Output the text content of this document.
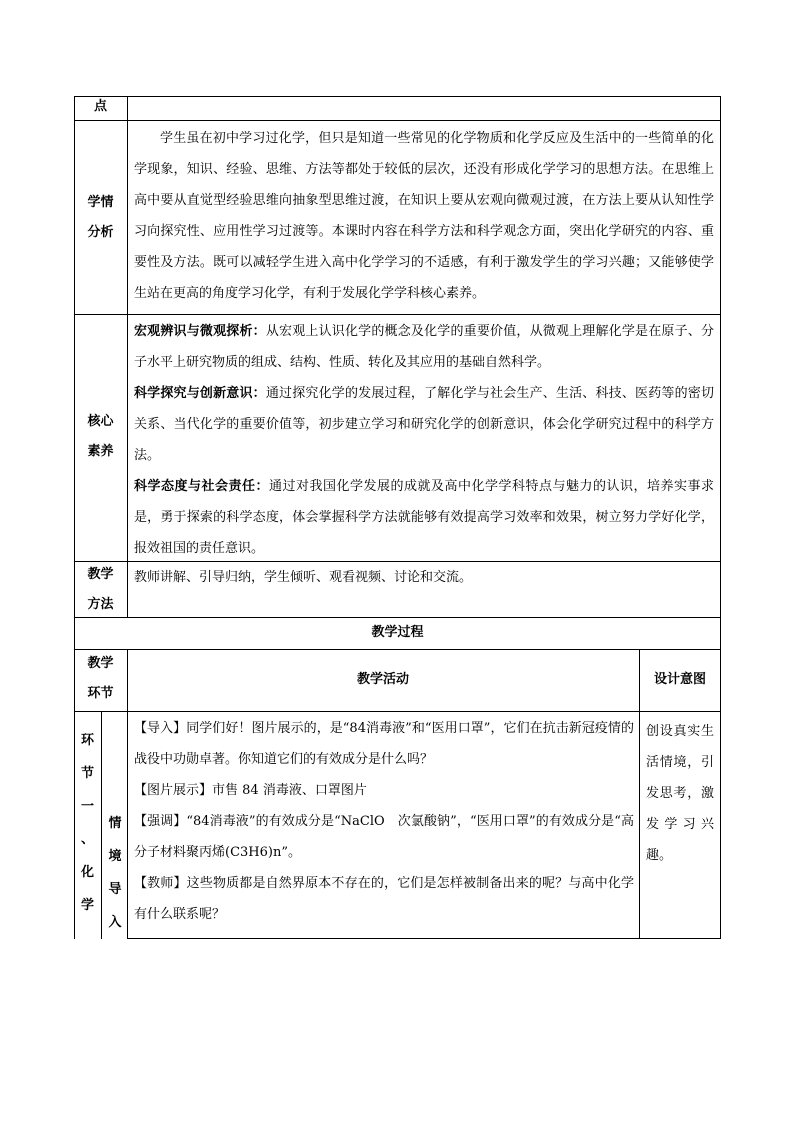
点
学情
分析
学生虽在初中学习过化学，但只是知道一些常见的化学物质和化学反应及生活中的一些简单的化学现象，知识、经验、思维、方法等都处于较低的层次，还没有形成化学学习的思想方法。在思维上高中要从直觉型经验思维向抽象型思维过渡，在知识上要从宏观向微观过渡，在方法上要从认知性学习向探究性、应用性学习过渡等。本课时内容在科学方法和科学观念方面，突出化学研究的内容、重要性及方法。既可以减轻学生进入高中化学学习的不适感，有利于激发学生的学习兴趣；又能够使学生站在更高的角度学习化学，有利于发展化学学科核心素养。
核心
素养
宏观辨识与微观探析：从宏观上认识化学的概念及化学的重要价值，从微观上理解化学是在原子、分子水平上研究物质的组成、结构、性质、转化及其应用的基础自然科学。
科学探究与创新意识：通过探究化学的发展过程，了解化学与社会生产、生活、科技、医药等的密切关系、当代化学的重要价值等，初步建立学习和研究化学的创新意识，体会化学研究过程中的科学方法。
科学态度与社会责任：通过对我国化学发展的成就及高中化学学科特点与魅力的认识，培养实事求是，勇于探索的科学态度，体会掌握科学方法就能够有效提高学习效率和效果，树立努力学好化学，报效祖国的责任意识。
教学
方法
教师讲解、引导归纳，学生倾听、观看视频、讨论和交流。
教学过程
教学
环节
教学活动	设计意图
环
节
一
、
化
学
情
境
导
入
【导入】同学们好！图片展示的，是“84消毒液”和“医用口罩”，它们在抗击新冠疫情的战役中功勋卓著。你知道它们的有效成分是什么吗？
【图片展示】市售 84 消毒液、口罩图片
【强调】“84消毒液”的有效成分是“NaClO　次氯酸钠”，“医用口罩”的有效成分是“高分子材料聚丙烯(C3H6)n”。
【教师】这些物质都是自然界原本不存在的，它们是怎样被制备出来的呢？与高中化学有什么联系呢？
创设真实生活情境，引发思考，激发学习兴趣。
